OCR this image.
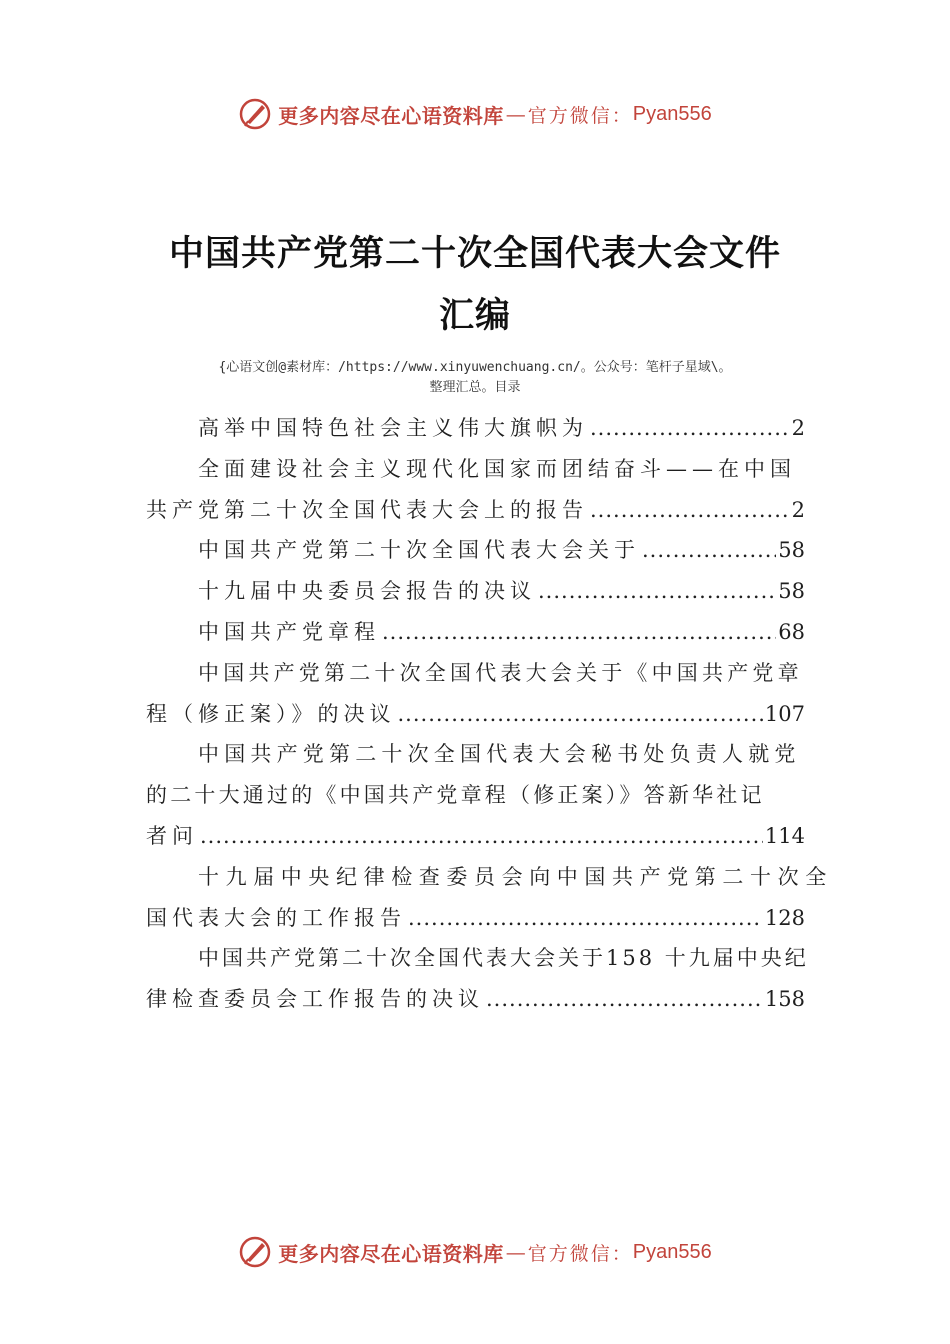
更多内容尽在心语资料库 — 官方微信： Pyan556
中国共产党第二十次全国代表大会文件
汇编
{心语文创@素材库：/https://www.xinyuwenchuang.cn/。公众号：笔杆子星域\。
整理汇总。目录
高举中国特色社会主义伟大旗帜为 .....	2
全面建设社会主义现代化国家而团结奋斗——在中国
共产党第二十次全国代表大会上的报告 .....	2
中国共产党第二十次全国代表大会关于 .....	58
十九届中央委员会报告的决议 .....	58
中国共产党章程 .....	68
中国共产党第二十次全国代表大会关于《中国共产党章
程（修正案）》的决议 .....	107
中国共产党第二十次全国代表大会秘书处负责人就党
的二十大通过的《中国共产党章程（修正案）》答新华社记
者问 .....	114
十九届中央纪律检查委员会向中国共产党第二十次全
国代表大会的工作报告 .....	128
中国共产党第二十次全国代表大会关于158 十九届中央纪
律检查委员会工作报告的决议 .....	158
更多内容尽在心语资料库 — 官方微信： Pyan556
